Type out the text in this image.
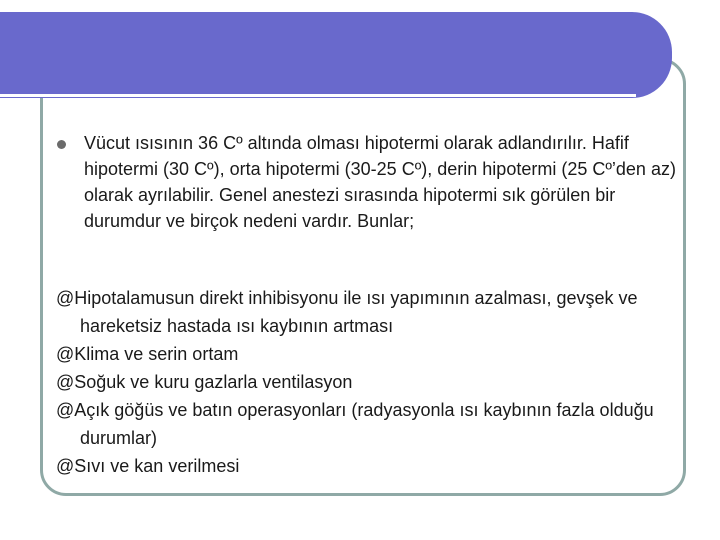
Vücut ısısının 36 Cº altında olması hipotermi olarak adlandırılır. Hafif hipotermi (30 Cº), orta hipotermi (30-25 Cº), derin hipotermi (25 Cº’den az) olarak ayrılabilir. Genel anestezi sırasında hipotermi sık görülen bir durumdur ve birçok nedeni vardır. Bunlar;
@Hipotalamusun direkt inhibisyonu ile ısı yapımının azalması, gevşek ve hareketsiz hastada ısı kaybının artması
@Klima ve serin ortam
@Soğuk ve kuru gazlarla ventilasyon
@Açık göğüs ve batın operasyonları (radyasyonla ısı kaybının fazla olduğu durumlar)
@Sıvı ve kan verilmesi
